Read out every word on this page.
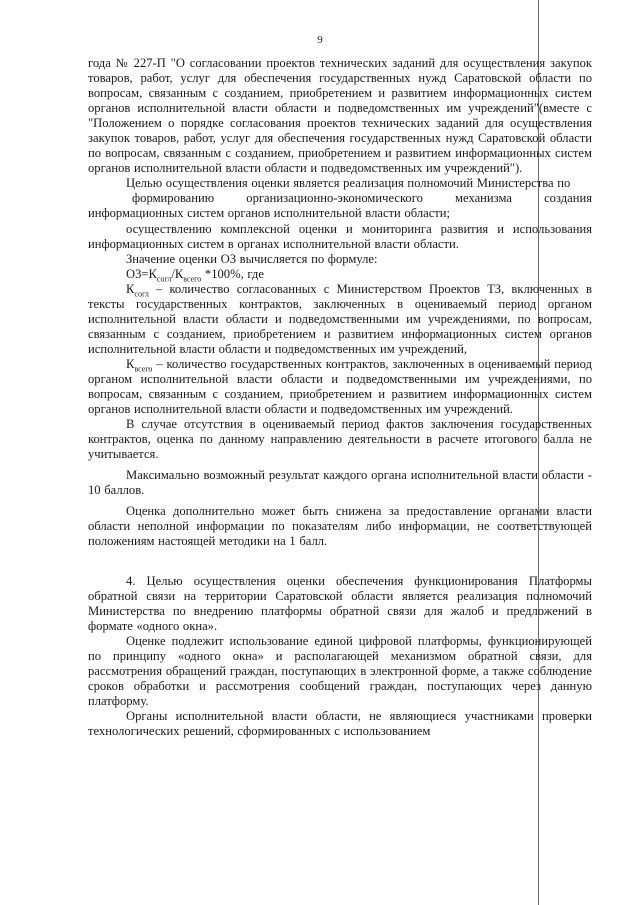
9

года № 227-П "О согласовании проектов технических заданий для осуществления закупок товаров, работ, услуг для обеспечения государственных нужд Саратовской области по вопросам, связанным с созданием, приобретением и развитием информационных систем органов исполнительной власти области и подведомственных им учреждений"(вместе с "Положением о порядке согласования проектов технических заданий для осуществления закупок товаров, работ, услуг для обеспечения государственных нужд Саратовской области по вопросам, связанным с созданием, приобретением и развитием информационных систем органов исполнительной власти области и подведомственных им учреждений").

Целью осуществления оценки является реализация полномочий Министерства по

формированию организационно-экономического механизма создания информационных систем органов исполнительной власти области;

осуществлению комплексной оценки и мониторинга развития и использования информационных систем в органах исполнительной власти области.

Значение оценки О3 вычисляется по формуле:

$О3=К_{согл}/К_{всего}$ *100%, где

$К_{согл}$ – количество согласованных с Министерством Проектов ТЗ, включенных в тексты государственных контрактов, заключенных в оцениваемый период органом исполнительной власти области и подведомственными им учреждениями, по вопросам, связанным с созданием, приобретением и развитием информационных систем органов исполнительной власти области и подведомственных им учреждений,

$К_{всего}$ – количество государственных контрактов, заключенных в оцениваемый период органом исполнительной власти области и подведомственными им учреждениями, по вопросам, связанным с созданием, приобретением и развитием информационных систем органов исполнительной власти области и подведомственных им учреждений.

В случае отсутствия в оцениваемый период фактов заключения государственных контрактов, оценка по данному направлению деятельности в расчете итогового балла не учитывается.

Максимально возможный результат каждого органа исполнительной власти области - 10 баллов.

Оценка дополнительно может быть снижена за предоставление органами власти области неполной информации по показателям либо информации, не соответствующей положениям настоящей методики на 1 балл.

4. Целью осуществления оценки обеспечения функционирования Платформы обратной связи на территории Саратовской области является реализация полномочий Министерства по внедрению платформы обратной связи для жалоб и предложений в формате «одного окна».

Оценке подлежит использование единой цифровой платформы, функционирующей по принципу «одного окна» и располагающей механизмом обратной связи, для рассмотрения обращений граждан, поступающих в электронной форме, а также соблюдение сроков обработки и рассмотрения сообщений граждан, поступающих через данную платформу.

Органы исполнительной власти области, не являющиеся участниками проверки технологических решений, сформированных с использованием
